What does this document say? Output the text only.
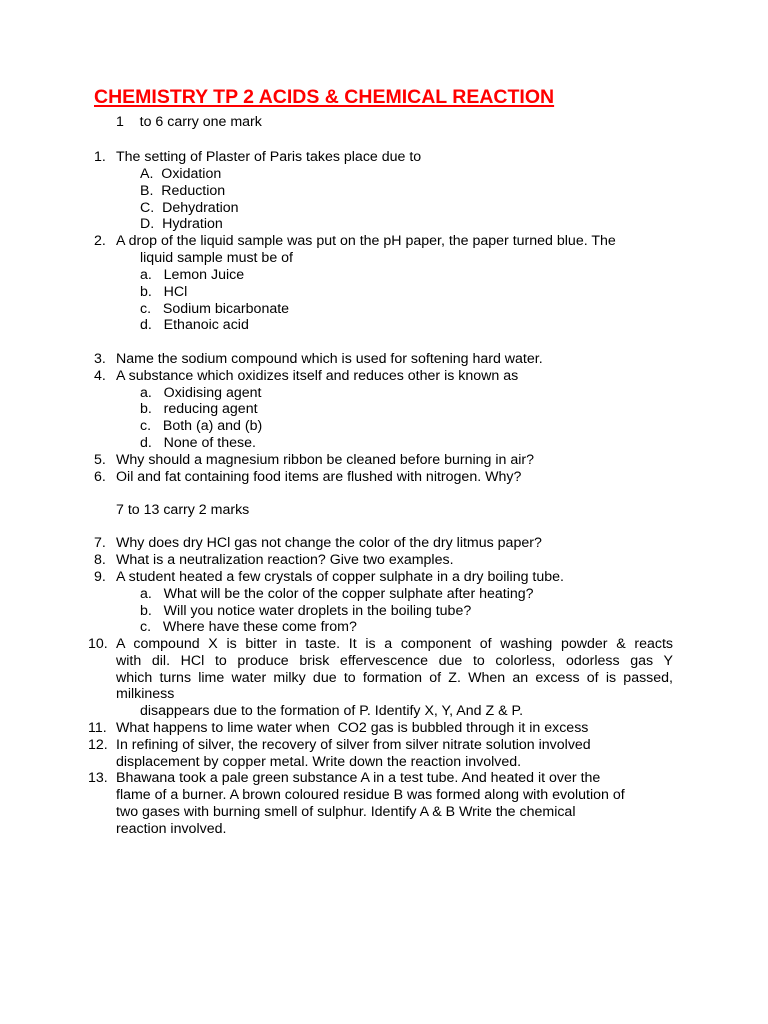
CHEMISTRY TP 2 ACIDS & CHEMICAL REACTION
1    to 6 carry one mark
1. The setting of Plaster of Paris takes place due to
A.  Oxidation
B.  Reduction
C.  Dehydration
D.  Hydration
2. A drop of the liquid sample was put on the pH paper, the paper turned blue. The
liquid sample must be of
a.   Lemon Juice
b.   HCl
c.   Sodium bicarbonate
d.   Ethanoic acid
3. Name the sodium compound which is used for softening hard water.
4. A substance which oxidizes itself and reduces other is known as
a.   Oxidising agent
b.   reducing agent
c.   Both (a) and (b)
d.   None of these.
5. Why should a magnesium ribbon be cleaned before burning in air?
6. Oil and fat containing food items are flushed with nitrogen. Why?
7 to 13 carry 2 marks
7. Why does dry HCl gas not change the color of the dry litmus paper?
8. What is a neutralization reaction? Give two examples.
9. A student heated a few crystals of copper sulphate in a dry boiling tube.
a.   What will be the color of the copper sulphate after heating?
b.   Will you notice water droplets in the boiling tube?
c.   Where have these come from?
10. A compound X is bitter in taste. It is a component of washing powder & reacts
with dil. HCl to produce brisk effervescence due to colorless, odorless gas Y
which turns lime water milky due to formation of Z. When an excess of is passed,
milkiness
disappears due to the formation of P. Identify X, Y, And Z & P.
11. What happens to lime water when  CO2 gas is bubbled through it in excess
12. In refining of silver, the recovery of silver from silver nitrate solution involved
displacement by copper metal. Write down the reaction involved.
13. Bhawana took a pale green substance A in a test tube. And heated it over the
flame of a burner. A brown coloured residue B was formed along with evolution of
two gases with burning smell of sulphur. Identify A & B Write the chemical
reaction involved.
